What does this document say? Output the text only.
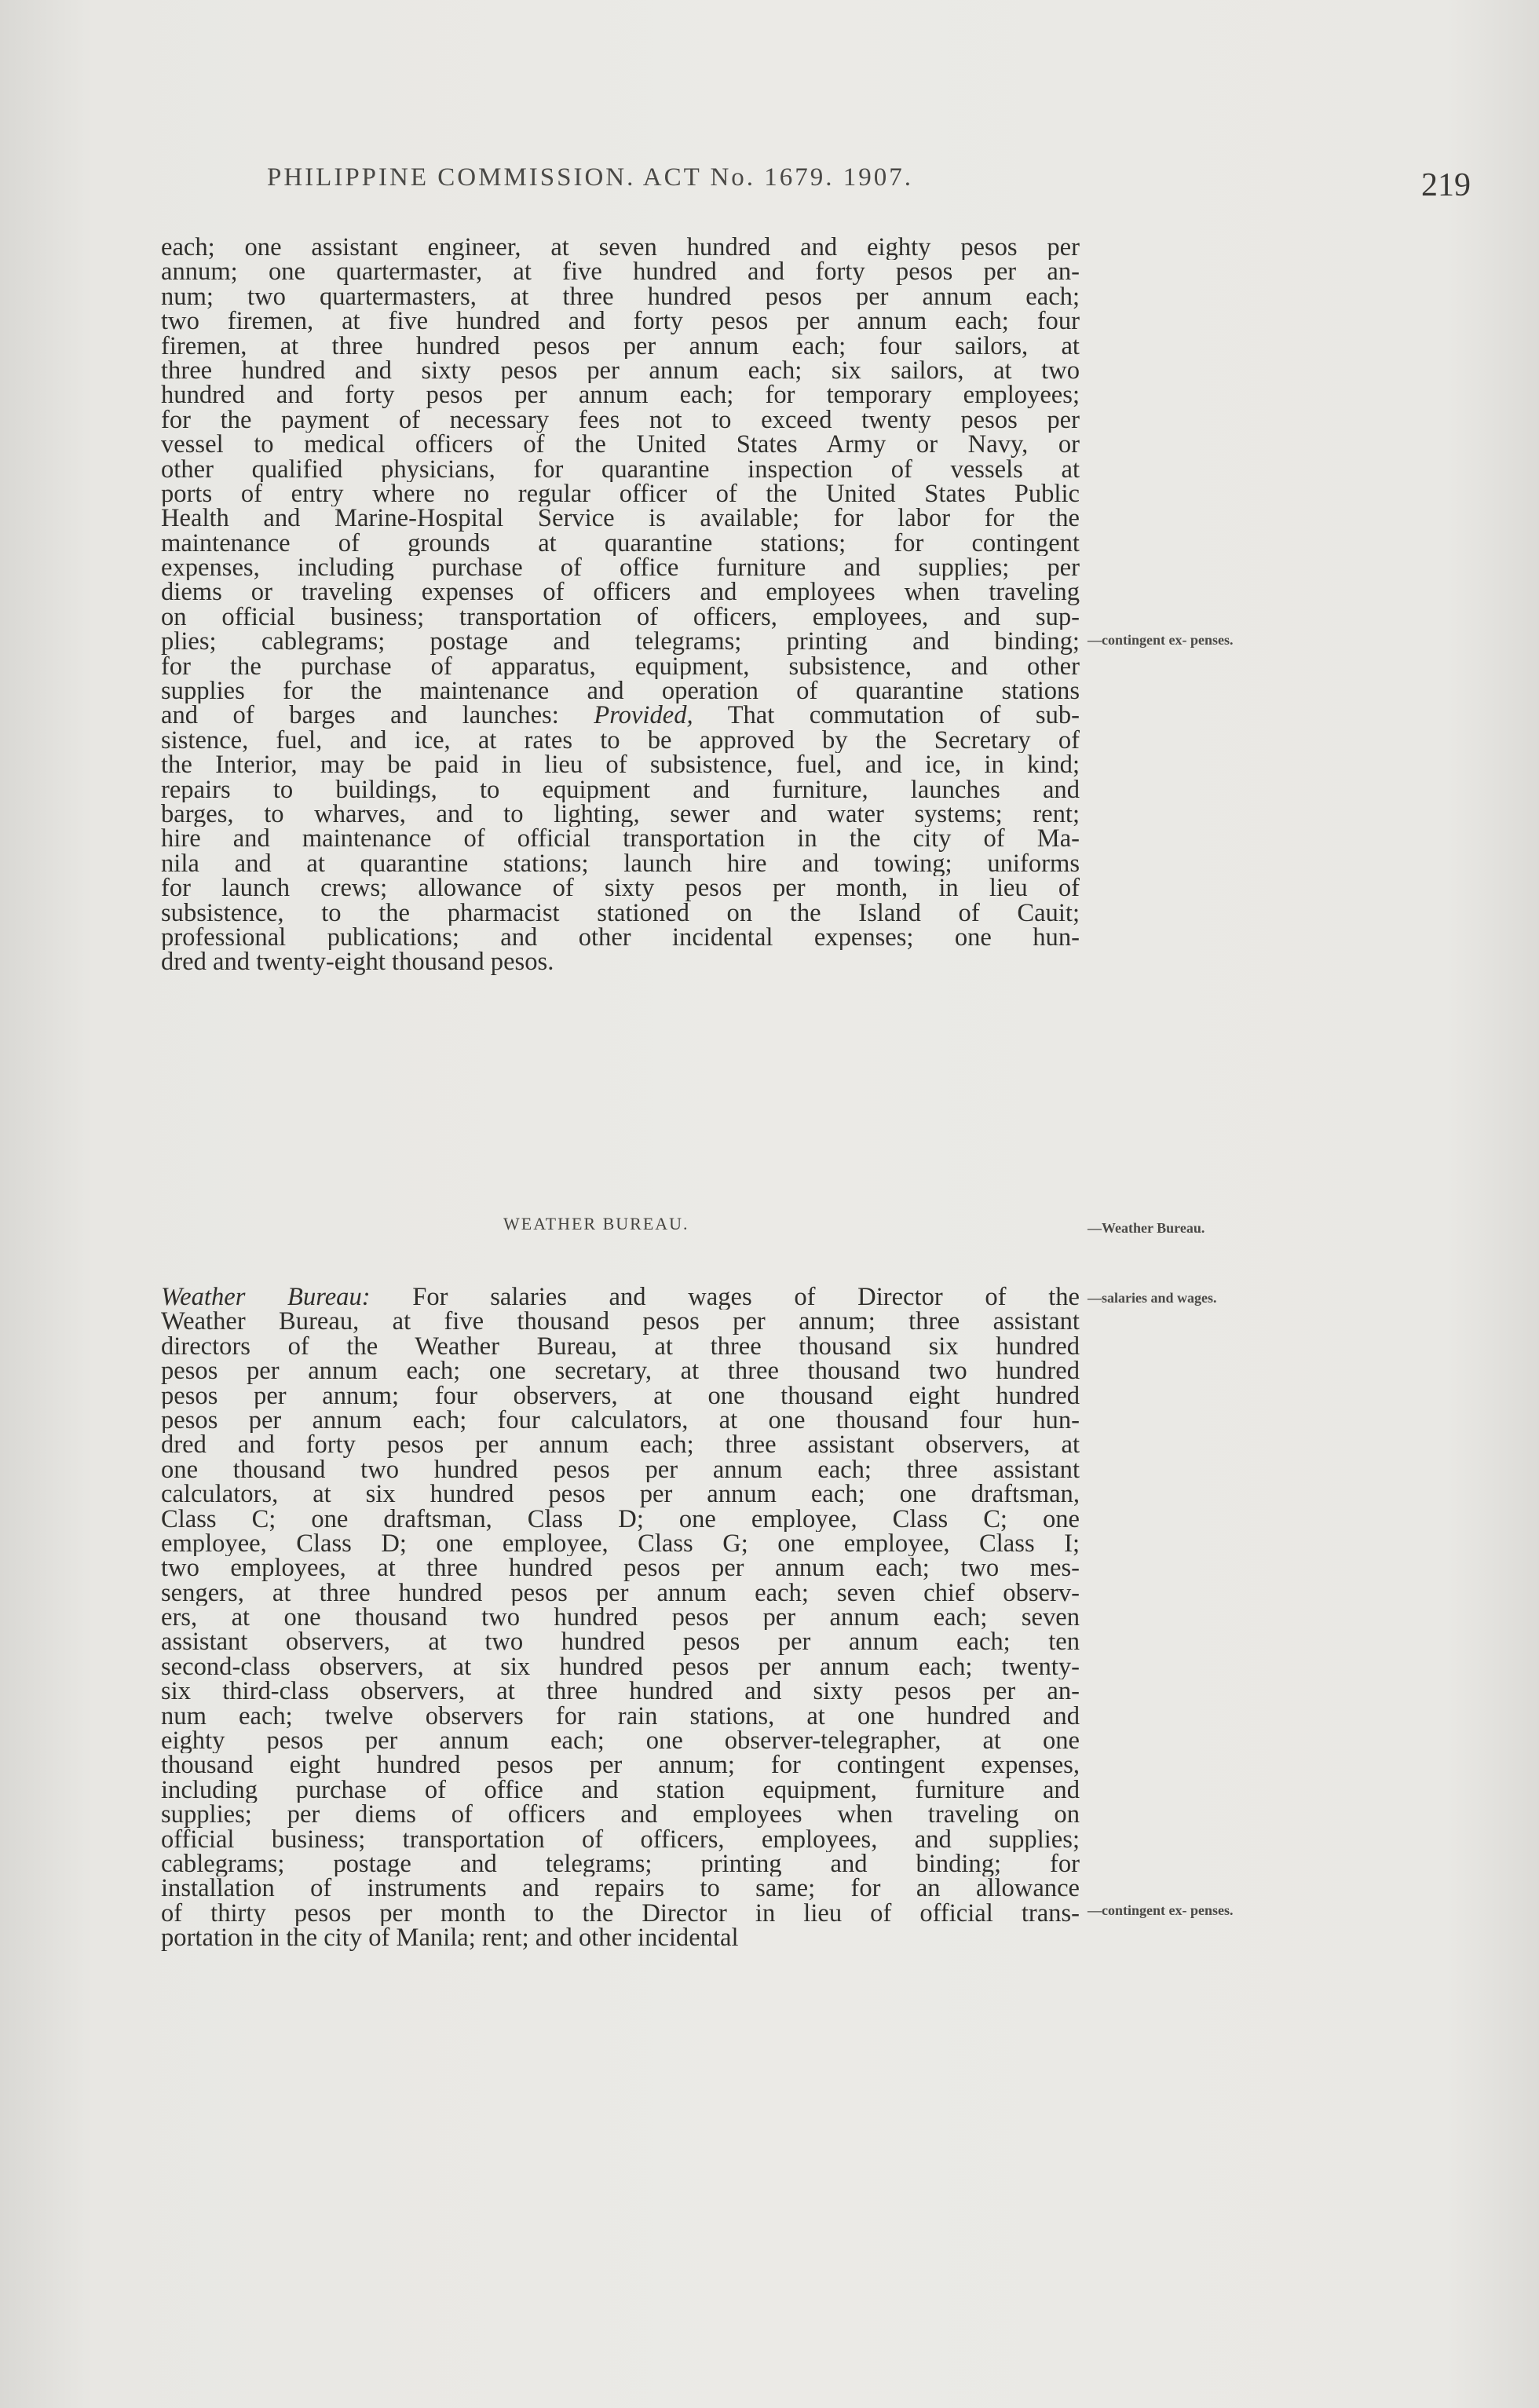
PHILIPPINE COMMISSION. ACT No. 1679. 1907.	219
each; one assistant engineer, at seven hundred and eighty pesos per
annum; one quartermaster, at five hundred and forty pesos per an-
num; two quartermasters, at three hundred pesos per annum each;
two firemen, at five hundred and forty pesos per annum each; four
firemen, at three hundred pesos per annum each; four sailors, at
three hundred and sixty pesos per annum each; six sailors, at two
hundred and forty pesos per annum each; for temporary employees;
for the payment of necessary fees not to exceed twenty pesos per
vessel to medical officers of the United States Army or Navy, or
other qualified physicians, for quarantine inspection of vessels at
ports of entry where no regular officer of the United States Public
Health and Marine-Hospital Service is available; for labor for the
maintenance of grounds at quarantine stations; for contingent
expenses, including purchase of office furniture and supplies; per
diems or traveling expenses of officers and employees when traveling
on official business; transportation of officers, employees, and sup-
plies; cablegrams; postage and telegrams; printing and binding;
for the purchase of apparatus, equipment, subsistence, and other
supplies for the maintenance and operation of quarantine stations
and of barges and launches: Provided, That commutation of sub-
sistence, fuel, and ice, at rates to be approved by the Secretary of
the Interior, may be paid in lieu of subsistence, fuel, and ice, in kind;
repairs to buildings, to equipment and furniture, launches and
barges, to wharves, and to lighting, sewer and water systems; rent;
hire and maintenance of official transportation in the city of Ma-
nila and at quarantine stations; launch hire and towing; uniforms
for launch crews; allowance of sixty pesos per month, in lieu of
subsistence, to the pharmacist stationed on the Island of Cauit;
professional publications; and other incidental expenses; one hun-
dred and twenty-eight thousand pesos.
—contingent ex- penses.
WEATHER BUREAU.	—Weather Bureau.
Weather Bureau: For salaries and wages of Director of the
Weather Bureau, at five thousand pesos per annum; three assistant
directors of the Weather Bureau, at three thousand six hundred
pesos per annum each; one secretary, at three thousand two hundred
pesos per annum; four observers, at one thousand eight hundred
pesos per annum each; four calculators, at one thousand four hun-
dred and forty pesos per annum each; three assistant observers, at
one thousand two hundred pesos per annum each; three assistant
calculators, at six hundred pesos per annum each; one draftsman,
Class C; one draftsman, Class D; one employee, Class C; one
employee, Class D; one employee, Class G; one employee, Class I;
two employees, at three hundred pesos per annum each; two mes-
sengers, at three hundred pesos per annum each; seven chief observ-
ers, at one thousand two hundred pesos per annum each; seven
assistant observers, at two hundred pesos per annum each; ten
second-class observers, at six hundred pesos per annum each; twenty-
six third-class observers, at three hundred and sixty pesos per an-
num each; twelve observers for rain stations, at one hundred and
eighty pesos per annum each; one observer-telegrapher, at one
thousand eight hundred pesos per annum; for contingent expenses,
including purchase of office and station equipment, furniture and
supplies; per diems of officers and employees when traveling on
official business; transportation of officers, employees, and supplies;
cablegrams; postage and telegrams; printing and binding; for
installation of instruments and repairs to same; for an allowance
of thirty pesos per month to the Director in lieu of official trans-
portation in the city of Manila; rent; and other incidental
—salaries and wages.
—contingent ex- penses.
